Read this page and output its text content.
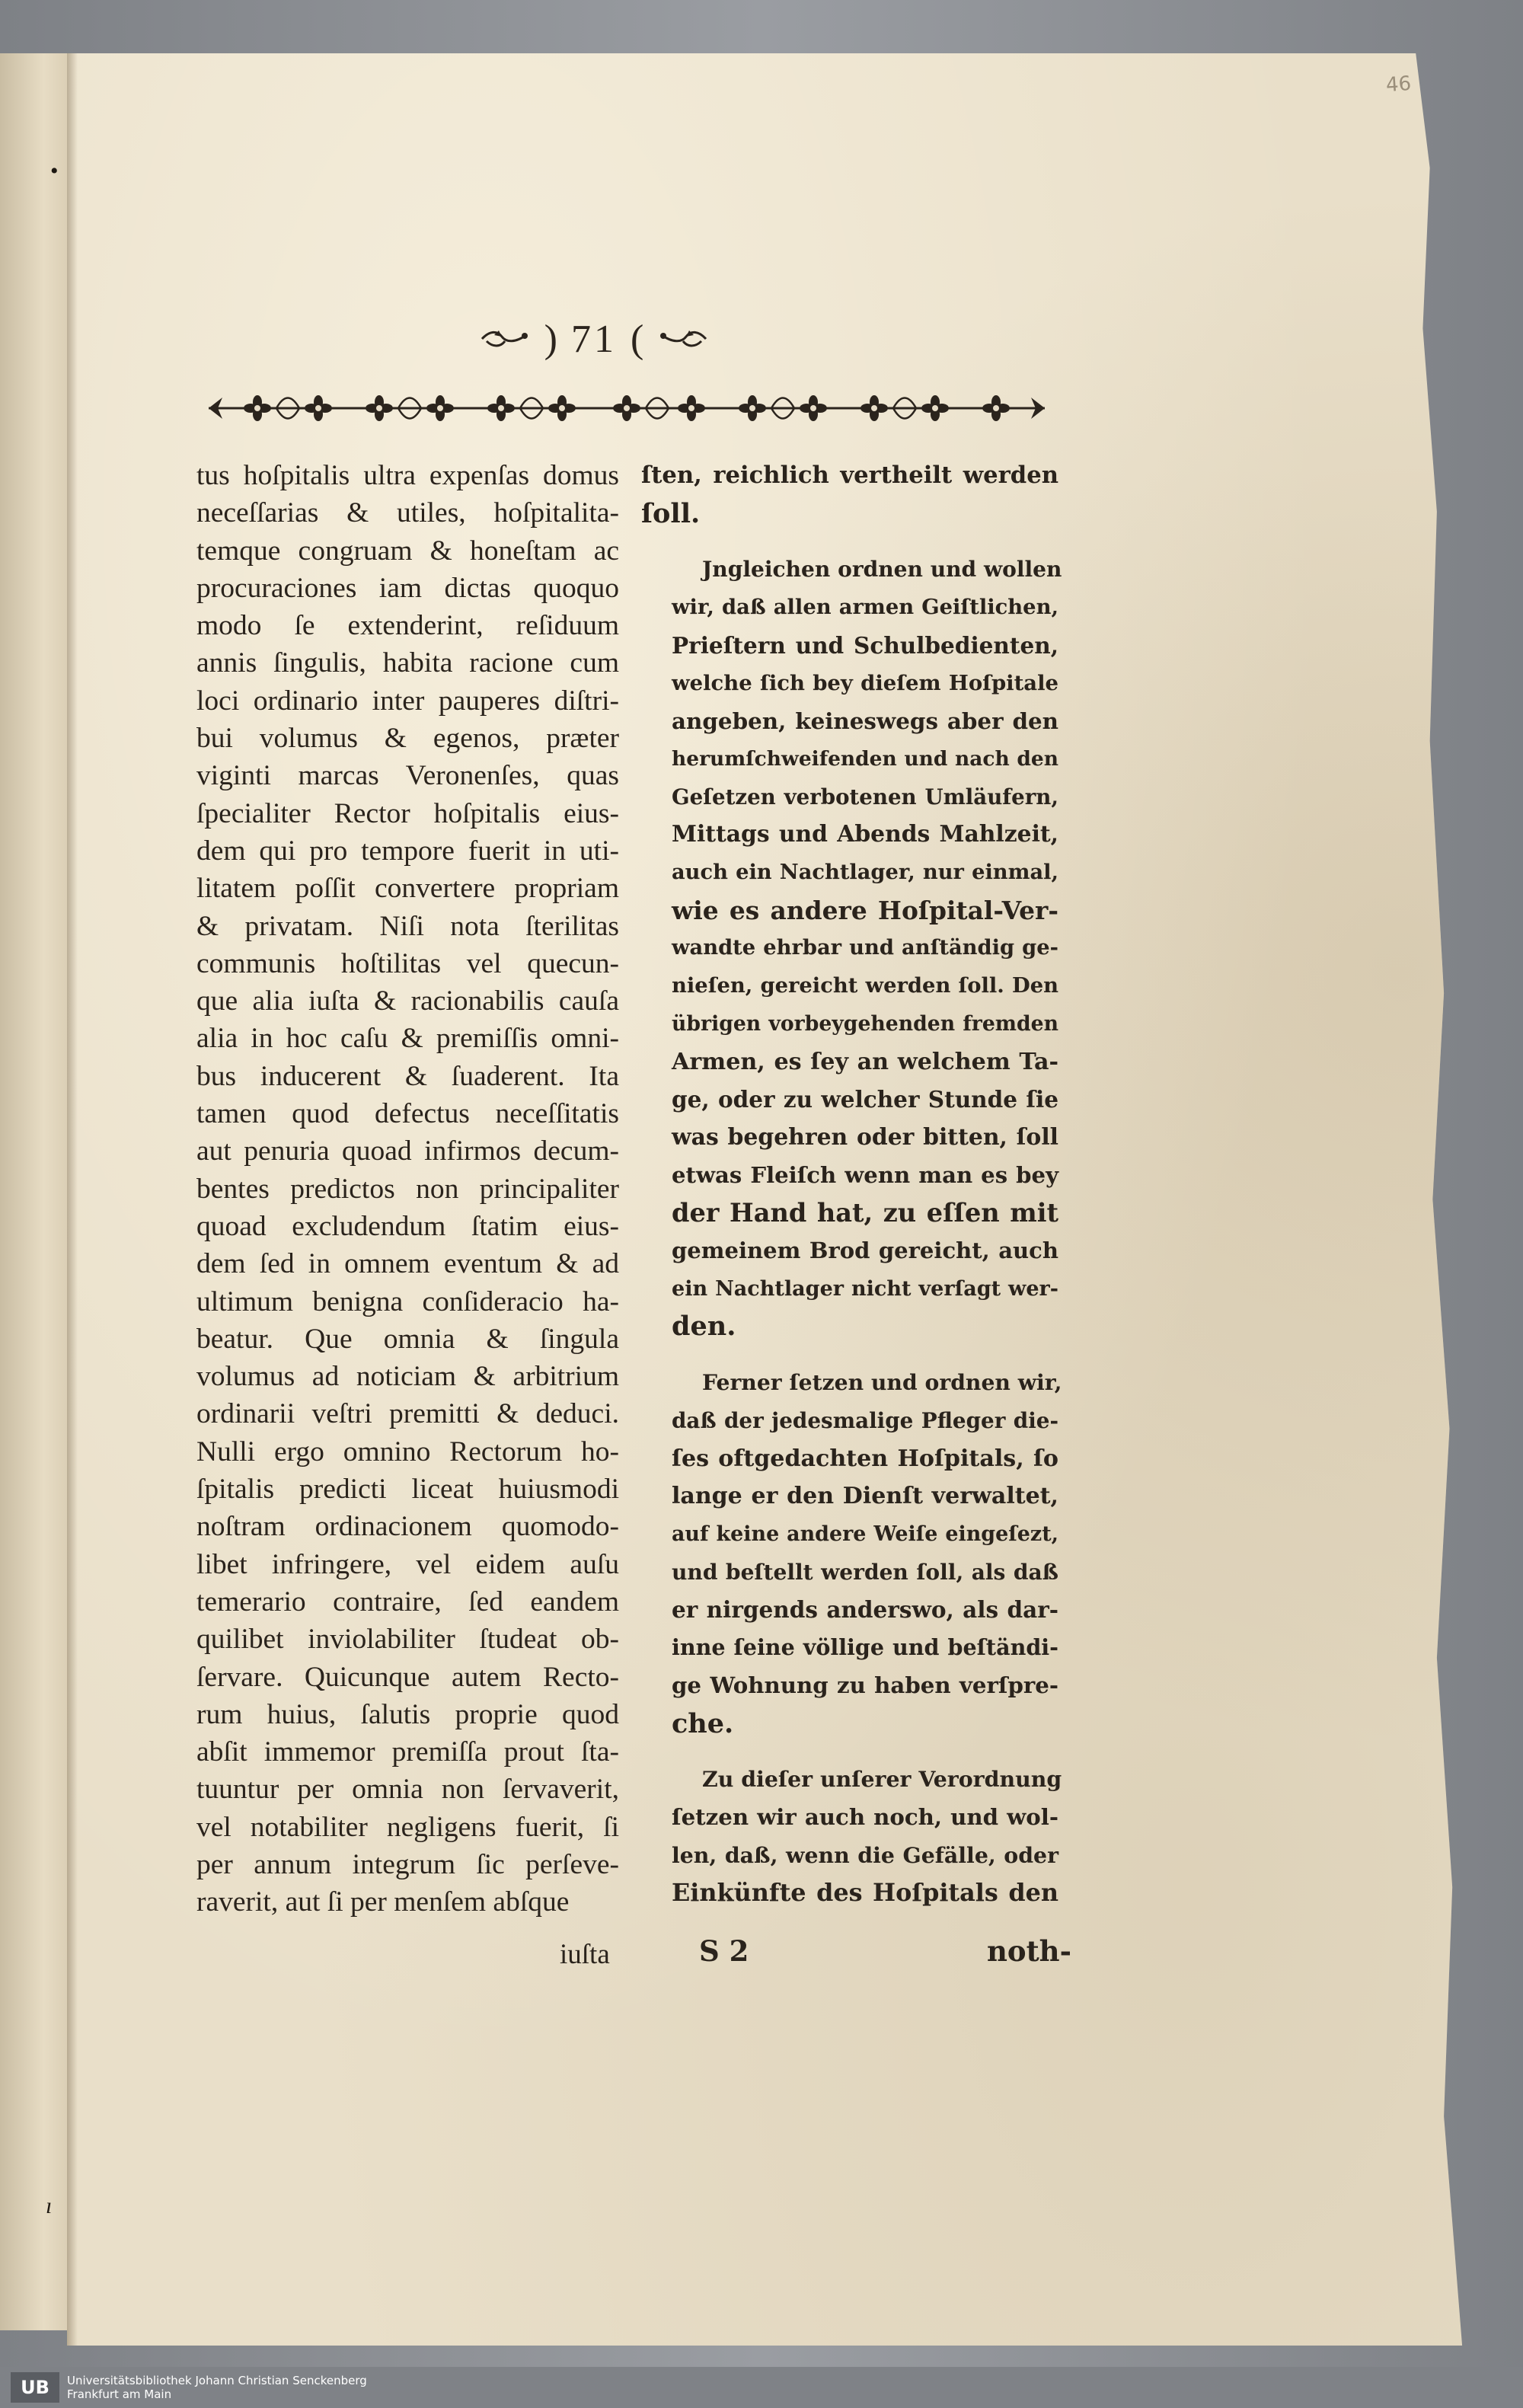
46
) 71 (

tus hoſpitalis ultra expenſas domus
neceſſarias & utiles, hoſpitalita-
temque congruam & honeſtam ac
procuraciones iam dictas quoquo
modo ſe extenderint, reſiduum
annis ſingulis, habita racione cum
loci ordinario inter pauperes diſtri-
bui volumus & egenos, præter
viginti marcas Veronenſes, quas
ſpecialiter Rector hoſpitalis eius-
dem qui pro tempore fuerit in uti-
litatem poſſit convertere propriam
& privatam. Niſi nota ſterilitas
communis hoſtilitas vel quecun-
que alia iuſta & racionabilis cauſa
alia in hoc caſu & premiſſis omni-
bus inducerent & ſuaderent. Ita
tamen quod defectus neceſſitatis
aut penuria quoad infirmos decum-
bentes predictos non principaliter
quoad excludendum ſtatim eius-
dem ſed in omnem eventum & ad
ultimum benigna conſideracio ha-
beatur. Que omnia & ſingula
volumus ad noticiam & arbitrium
ordinarii veſtri premitti & deduci.
Nulli ergo omnino Rectorum ho-
ſpitalis predicti liceat huiusmodi
noſtram ordinacionem quomodo-
libet infringere, vel eidem auſu
temerario contraire, ſed eandem
quilibet inviolabiliter ſtudeat ob-
ſervare. Quicunque autem Recto-
rum huius, ſalutis proprie quod
abſit immemor premiſſa prout ſta-
tuuntur per omnia non ſervaverit,
vel notabiliter negligens fuerit, ſi
per annum integrum ſic perſeve-
raverit, aut ſi per menſem abſque

ſten, reichlich vertheilt werden
ſoll.
Jngleichen ordnen und wollen
wir, daß allen armen Geiſtlichen,
Prieſtern und Schulbedienten,
welche ſich bey dieſem Hoſpitale
angeben, keineswegs aber den
herumſchweifenden und nach den
Geſetzen verbotenen Umläufern,
Mittags und Abends Mahlzeit,
auch ein Nachtlager, nur einmal,
wie es andere Hoſpital-Ver-
wandte ehrbar und anſtändig ge-
nieſen, gereicht werden ſoll. Den
übrigen vorbeygehenden fremden
Armen, es ſey an welchem Ta-
ge, oder zu welcher Stunde ſie
was begehren oder bitten, ſoll
etwas Fleiſch wenn man es bey
der Hand hat, zu eſſen mit
gemeinem Brod gereicht, auch
ein Nachtlager nicht verſagt wer-
den.
Ferner ſetzen und ordnen wir,
daß der jedesmalige Pfleger die-
ſes oftgedachten Hoſpitals, ſo
lange er den Dienſt verwaltet,
auf keine andere Weiſe eingeſezt,
und beſtellt werden ſoll, als daß
er nirgends anderswo, als dar-
inne ſeine völlige und beſtändi-
ge Wohnung zu haben verſpre-
che.
Zu dieſer unſerer Verordnung
ſetzen wir auch noch, und wol-
len, daß, wenn die Gefälle, oder
Einkünfte des Hoſpitals den
iuſta	S 2	noth-
•
ı
UB	Universitätsbibliothek Johann Christian Senckenberg
Frankfurt am Main
